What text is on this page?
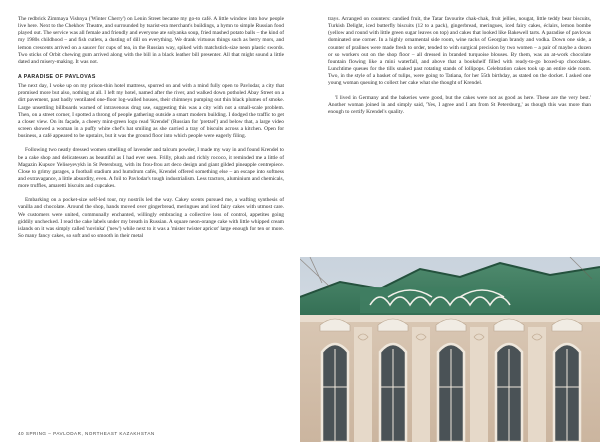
The redbrick Zimmaya Vishnya ('Winter Cherry') on Lenin Street became my go-to café. A little window into how people live here. Next to the Chekhov Theatre, and surrounded by tsarist-era merchant's buildings, a hymn to simple Russian food played out. The service was all female and friendly and everyone ate solyanka soup, fried mashed potato balls – the kind of my 1980s childhood – and fish cutlets, a dusting of dill on everything. We drank virtuous things such as berry mors, and lemon crescents arrived on a saucer for cups of tea, in the Russian way, spiked with matchstick-size neon plastic swords. Two sticks of Orbit chewing gum arrived along with the bill in a black leather bill presenter. All that might sound a little dated and misery-making. It was not.

A PARADISE OF PAVLOVAS

The next day, I woke up on my prison-thin hotel mattress, spurred on and with a mind fully open to Pavlodar, a city that promised more but also, nothing at all. I left my hotel, named after the river, and walked down potholed Abay Street on a dirt pavement, past badly ventilated one-floor log-walled houses, their chimneys pumping out thin black plumes of smoke. Large unsettling billboards warned of intravenous drug use, suggesting this was a city with not a small-scale problem. Then, on a street corner, I spotted a throng of people gathering outside a smart modern building. I dodged the traffic to get a closer view. On its façade, a cheery mint-green logo read 'Krendel' (Russian for 'pretzel') and below that, a large video screen showed a woman in a puffy white chef's hat smiling as she carried a tray of biscuits across a kitchen. Open for business, a café appeared to be upstairs, but it was the ground floor into which people were eagerly filing.

Following two neatly dressed women smelling of lavender and talcum powder, I made my way in and found Krendel to be a cake shop and delicatessen as beautiful as I had ever seen. Frilly, plush and richly rococo, it reminded me a little of Magazin Kupsov Yeliseyevykh in St Petersburg, with its frou-frou art deco design and giant gilded pineapple centrepiece. Close to grimy garages, a football stadium and humdrum cafés, Krendel offered something else – an escape into softness and extravagance, a little absurdity, even. A foil to Pavlodar's tough industrialism. Less tractors, aluminium and chemicals, more truffles, amaretti biscuits and cupcakes.

Embarking on a pocket-size self-led tour, my nostrils led the way. Cakey scents pursued me, a wafting synthesis of vanilla and chocolate. Around the shop, hands moved over gingerbread, meringues and iced fairy cakes with utmost care. We customers were united, communally enchanted, willingly embracing a collective loss of control, appetites going giddily unchecked. I read the cake labels under my breath in Russian. A square neon-orange cake with little whipped cream islands on it was simply called 'novinka' ('new') while next to it was a 'mister twister apricot' large enough for ten or more. So many fancy cakes, so soft and so smooth in their metal

40 SPRING – PAVLODAR, NORTHEAST KAZAKHSTAN

trays. Arranged on counters: candied fruit, the Tatar favourite chak-chak, fruit jellies, nougat, little teddy bear biscuits, Turkish Delight, iced butterfly biscuits (12 to a pack), gingerbread, meringues, iced fairy cakes, éclairs, lemon bombe (yellow and round with little green sugar leaves on top) and cakes that looked like Bakewell tarts. A paradise of pavlovas dominated one corner. In a highly ornamental side room, wine racks of Georgian brandy and vodka. Down one side, a counter of pralines were made fresh to order, tended to with surgical precision by two women – a pair of maybe a dozen or so workers out on the shop floor – all dressed in branded turquoise blouses. By them, was an at-work chocolate fountain flowing like a mini waterfall, and above that a bookshelf filled with ready-to-go boxed-up chocolates. Lunchtime queues for the tills snaked past rotating stands of lollipops. Celebration cakes took up an entire side room. Two, in the style of a basket of tulips, were going to Tatiana, for her 55th birthday, as stated on the docket. I asked one young woman queuing to collect her cake what she thought of Krendel.

'I lived in Germany and the bakeries were good, but the cakes were not as good as here. These are the very best.' Another woman joined in and simply said, 'Yes, I agree and I am from St Petersburg,' as though this was more than enough to certify Krendel's quality.
